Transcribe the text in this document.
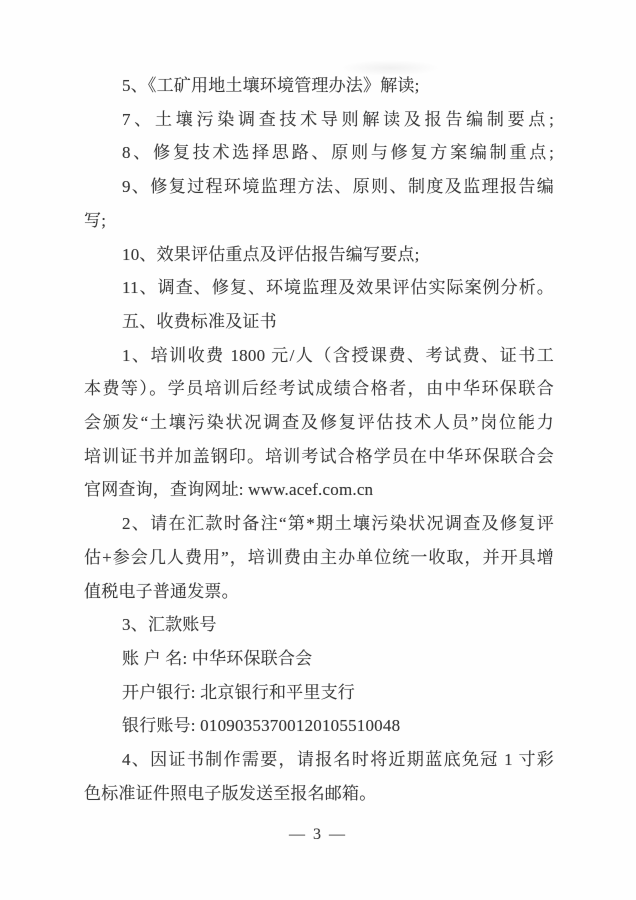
5、《工矿用地土壤环境管理办法》解读;
7、土壤污染调查技术导则解读及报告编制要点;
8、修复技术选择思路、原则与修复方案编制重点;
9、修复过程环境监理方法、原则、制度及监理报告编
写;
10、效果评估重点及评估报告编写要点;
11、调查、修复、环境监理及效果评估实际案例分析。
五、收费标准及证书
1、培训收费 1800 元/人（含授课费、考试费、证书工
本费等）。学员培训后经考试成绩合格者，由中华环保联合
会颁发“土壤污染状况调查及修复评估技术人员”岗位能力
培训证书并加盖钢印。培训考试合格学员在中华环保联合会
官网查询，查询网址: www.acef.com.cn
2、请在汇款时备注“第*期土壤污染状况调查及修复评
估+参会几人费用”，培训费由主办单位统一收取，并开具增
值税电子普通发票。
3、汇款账号
账 户 名: 中华环保联合会
开户银行: 北京银行和平里支行
银行账号: 01090353700120105510048
4、因证书制作需要，请报名时将近期蓝底免冠 1 寸彩
色标准证件照电子版发送至报名邮箱。
— 3 —
